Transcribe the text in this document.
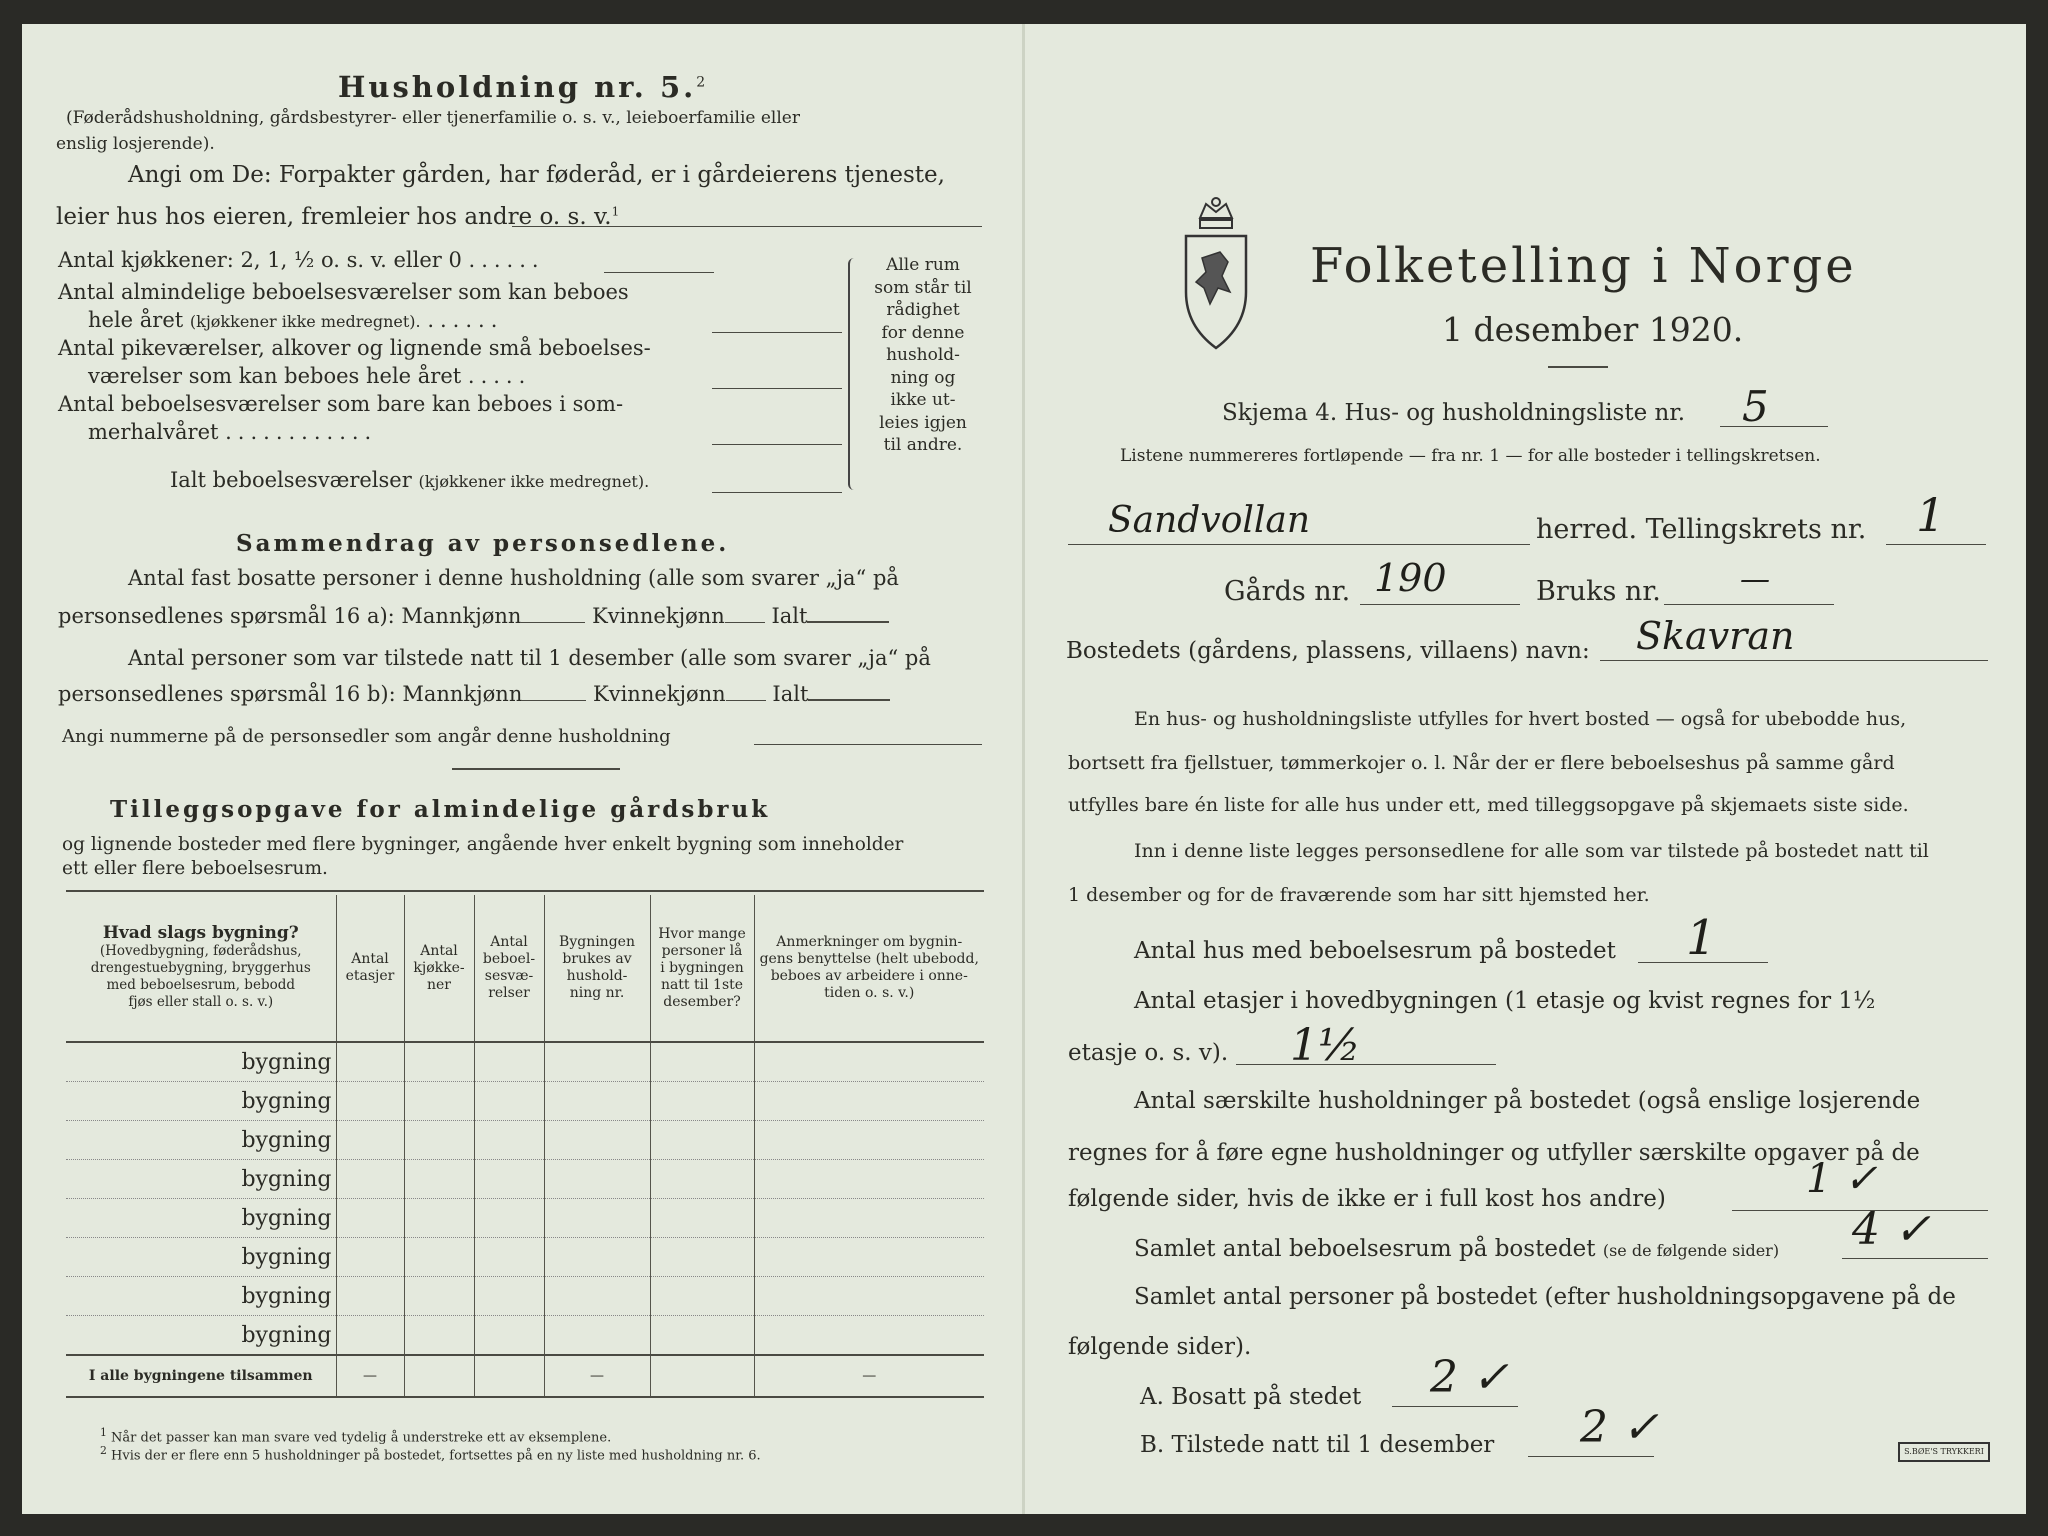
Husholdning nr. 5.$^2$
(Føderådshusholdning, gårdsbestyrer- eller tjenerfamilie o. s. v., leieboerfamilie eller
enslig losjerende).
Angi om De: Forpakter gården, har føderåd, er i gårdeierens tjeneste,
leier hus hos eieren, fremleier hos andre o. s. v.$^1$
Antal kjøkkener: 2, 1, ½ o. s. v. eller 0 ......
Antal almindelige beboelsesværelser som kan beboes
hele året (kjøkkener ikke medregnet). ......
Antal pikeværelser, alkover og lignende små beboelses-
værelser som kan beboes hele året .....
Antal beboelsesværelser som bare kan beboes i som-
merhalvåret ............
Ialt beboelsesværelser (kjøkkener ikke medregnet).
Alle rum
som står til
rådighet
for denne
hushold-
ning og
ikke ut-
leies igjen
til andre.
Sammendrag av personsedlene.
Antal fast bosatte personer i denne husholdning (alle som svarer „ja“ på
personsedlenes spørsmål 16 a): Mannkjønn	Kvinnekjønn Ialt
Antal personer som var tilstede natt til 1 desember (alle som svarer „ja“ på
personsedlenes spørsmål 16 b): Mannkjønn	Kvinnekjønn Ialt
Angi nummerne på de personsedler som angår denne husholdning
Tilleggsopgave for almindelige gårdsbruk
og lignende bosteder med flere bygninger, angående hver enkelt bygning som inneholder
ett eller flere beboelsesrum.
Hvad slags bygning?
(Hovedbygning, føderådshus,
drengestuebygning, bryggerhus
med beboelsesrum, bebodd
fjøs eller stall o. s. v.)	Antal
etasjer	Antal
kjøkke-
ner	Antal
beboel-
sesvæ-
relser	Bygningen
brukes av
hushold-
ning nr.	Hvor mange
personer lå
i bygningen
natt til 1ste
desember?	Anmerkninger om bygnin-
gens benyttelse (helt ubebodd,
beboes av arbeidere i onne-
tiden o. s. v.)
bygning						
bygning						
bygning						
bygning						
bygning						
bygning						
bygning						
bygning						
I alle bygningene tilsammen	—			—		—
$^1$ Når det passer kan man svare ved tydelig å understreke ett av eksemplene.
$^2$ Hvis der er flere enn 5 husholdninger på bostedet, fortsettes på en ny liste med husholdning nr. 6.
Folketelling i Norge
1 desember 1920.
Skjema 4. Hus- og husholdningsliste nr. 5
Listene nummereres fortløpende — fra nr. 1 — for alle bosteder i tellingskretsen.
Sandvollan	herred. Tellingskrets nr. 1
Gårds nr. 190	Bruks nr.	—
Bostedets (gårdens, plassens, villaens) navn: Skavran
En hus- og husholdningsliste utfylles for hvert bosted — også for ubebodde hus,
bortsett fra fjellstuer, tømmerkojer o. l. Når der er flere beboelseshus på samme gård
utfylles bare én liste for alle hus under ett, med tilleggsopgave på skjemaets siste side.
Inn i denne liste legges personsedlene for alle som var tilstede på bostedet natt til
1 desember og for de fraværende som har sitt hjemsted her.
Antal hus med beboelsesrum på bostedet 1
Antal etasjer i hovedbygningen (1 etasje og kvist regnes for 1½
etasje o. s. v). 1½
Antal særskilte husholdninger på bostedet (også enslige losjerende
regnes for å føre egne husholdninger og utfyller særskilte opgaver på de
følgende sider, hvis de ikke er i full kost hos andre)	1 ✓
Samlet antal beboelsesrum på bostedet (se de følgende sider) 4 ✓
Samlet antal personer på bostedet (efter husholdningsopgavene på de
følgende sider).
A. Bosatt på stedet 2 ✓
B. Tilstede natt til 1 desember 2 ✓	S.BØE'S TRYKKERI
